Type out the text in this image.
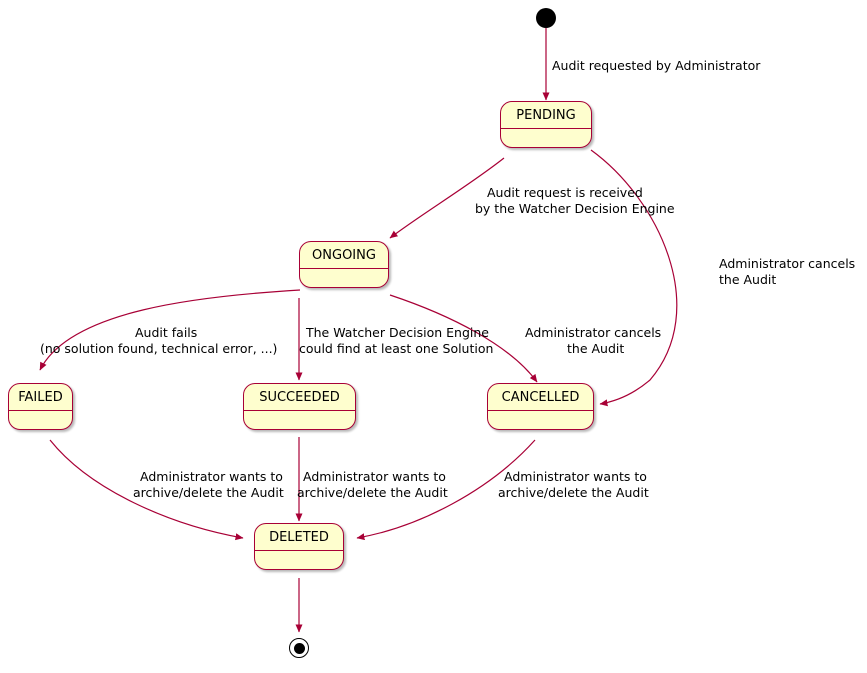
PENDING
ONGOING
FAILED	SUCCEEDED	CANCELLED
DELETED
Audit requested by Administrator
Audit request is received
by the Watcher Decision Engine
Administrator cancels
the Audit
Audit fails
(no solution found, technical error, ...)
The Watcher Decision Engine
could find at least one Solution
Administrator cancels
the Audit
Administrator wants to
archive/delete the Audit
Administrator wants to
archive/delete the Audit
Administrator wants to
archive/delete the Audit
